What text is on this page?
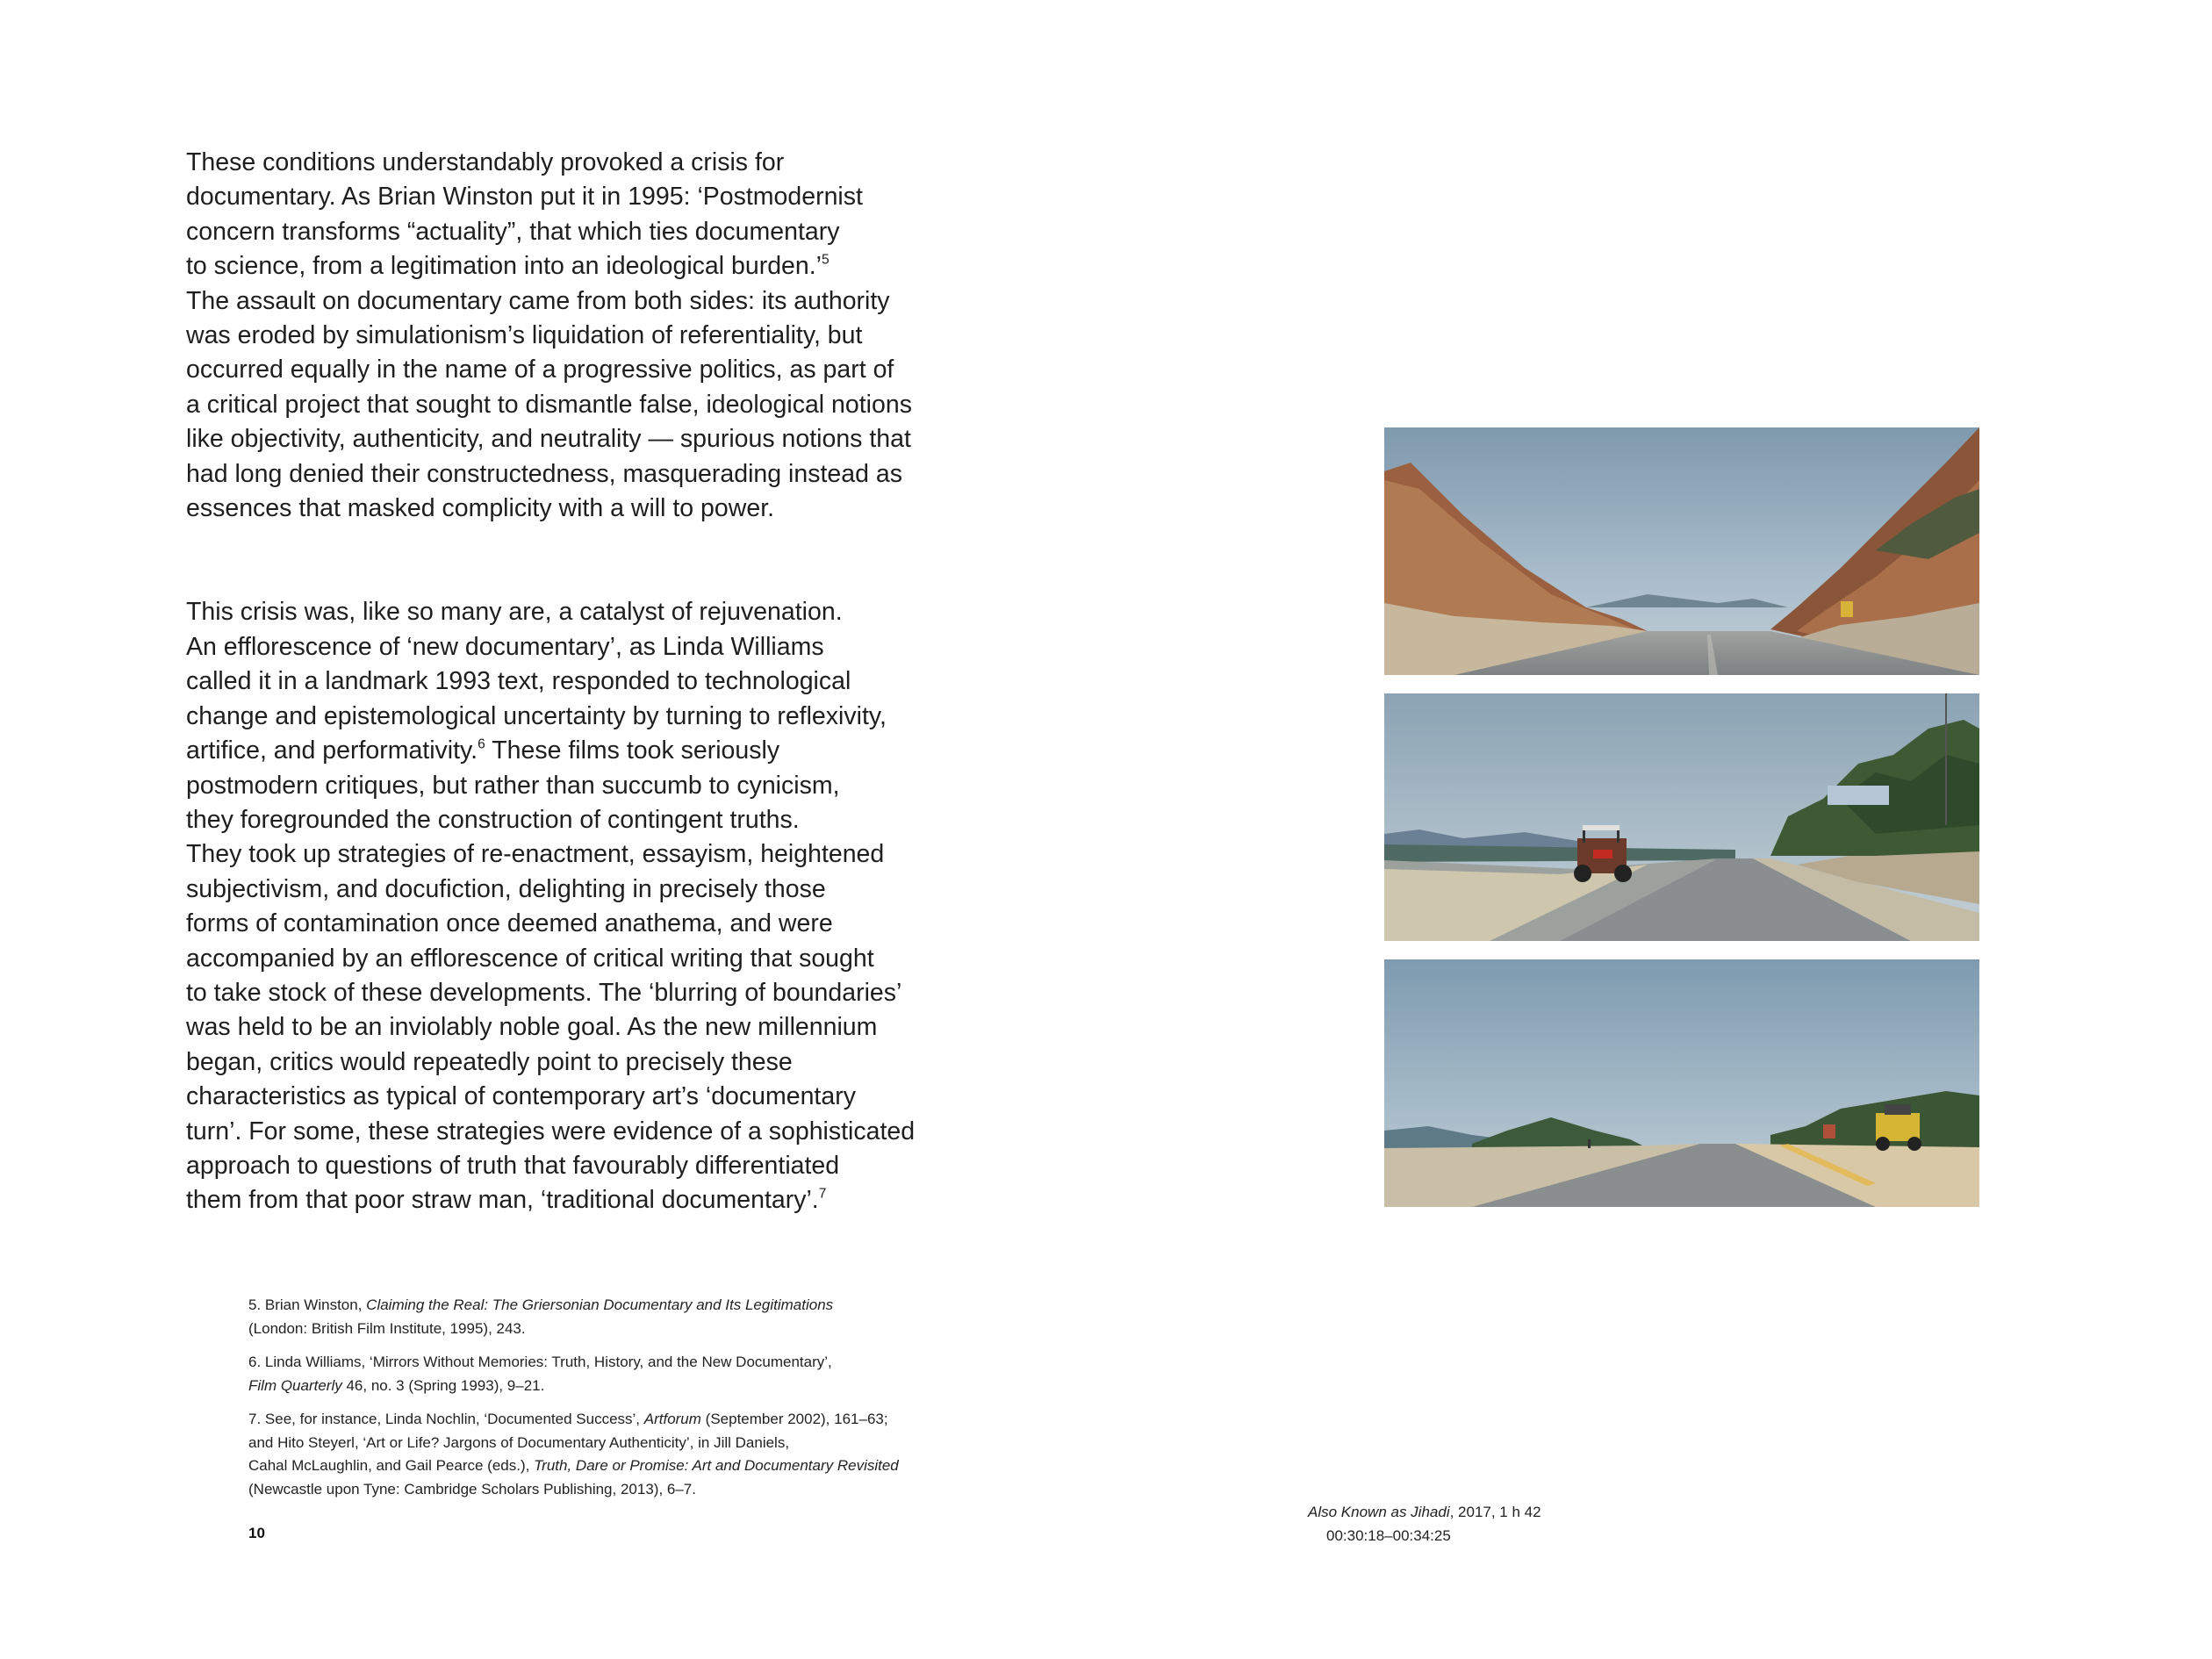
These conditions understandably provoked a crisis for
documentary. As Brian Winston put it in 1995: ‘Postmodernist
concern transforms “actuality”, that which ties documentary
to science, from a legitimation into an ideological burden.’$^5$
The assault on documentary came from both sides: its authority
was eroded by simulationism’s liquidation of referentiality, but
occurred equally in the name of a progressive politics, as part of
a critical project that sought to dismantle false, ideological notions
like objectivity, authenticity, and neutrality — spurious notions that
had long denied their constructedness, masquerading instead as
essences that masked complicity with a will to power.

This crisis was, like so many are, a catalyst of rejuvenation.
An efflorescence of ‘new documentary’, as Linda Williams
called it in a landmark 1993 text, responded to technological
change and epistemological uncertainty by turning to reflexivity,
artifice, and performativity.$^6$ These films took seriously
postmodern critiques, but rather than succumb to cynicism,
they foregrounded the construction of contingent truths.
They took up strategies of re-enactment, essayism, heightened
subjectivism, and docufiction, delighting in precisely those
forms of contamination once deemed anathema, and were
accompanied by an efflorescence of critical writing that sought
to take stock of these developments. The ‘blurring of boundaries’
was held to be an inviolably noble goal. As the new millennium
began, critics would repeatedly point to precisely these
characteristics as typical of contemporary art’s ‘documentary
turn’. For some, these strategies were evidence of a sophisticated
approach to questions of truth that favourably differentiated
them from that poor straw man, ‘traditional documentary’.$^7$

5. Brian Winston, Claiming the Real: The Griersonian Documentary and Its Legitimations
(London: British Film Institute, 1995), 243.
6. Linda Williams, ‘Mirrors Without Memories: Truth, History, and the New Documentary’,
Film Quarterly 46, no. 3 (Spring 1993), 9–21.
7. See, for instance, Linda Nochlin, ‘Documented Success’, Artforum (September 2002), 161–63;
and Hito Steyerl, ‘Art or Life? Jargons of Documentary Authenticity’, in Jill Daniels,
Cahal McLaughlin, and Gail Pearce (eds.), Truth, Dare or Promise: Art and Documentary Revisited
(Newcastle upon Tyne: Cambridge Scholars Publishing, 2013), 6–7.
10
Also Known as Jihadi, 2017, 1 h 42
00:30:18–00:34:25
